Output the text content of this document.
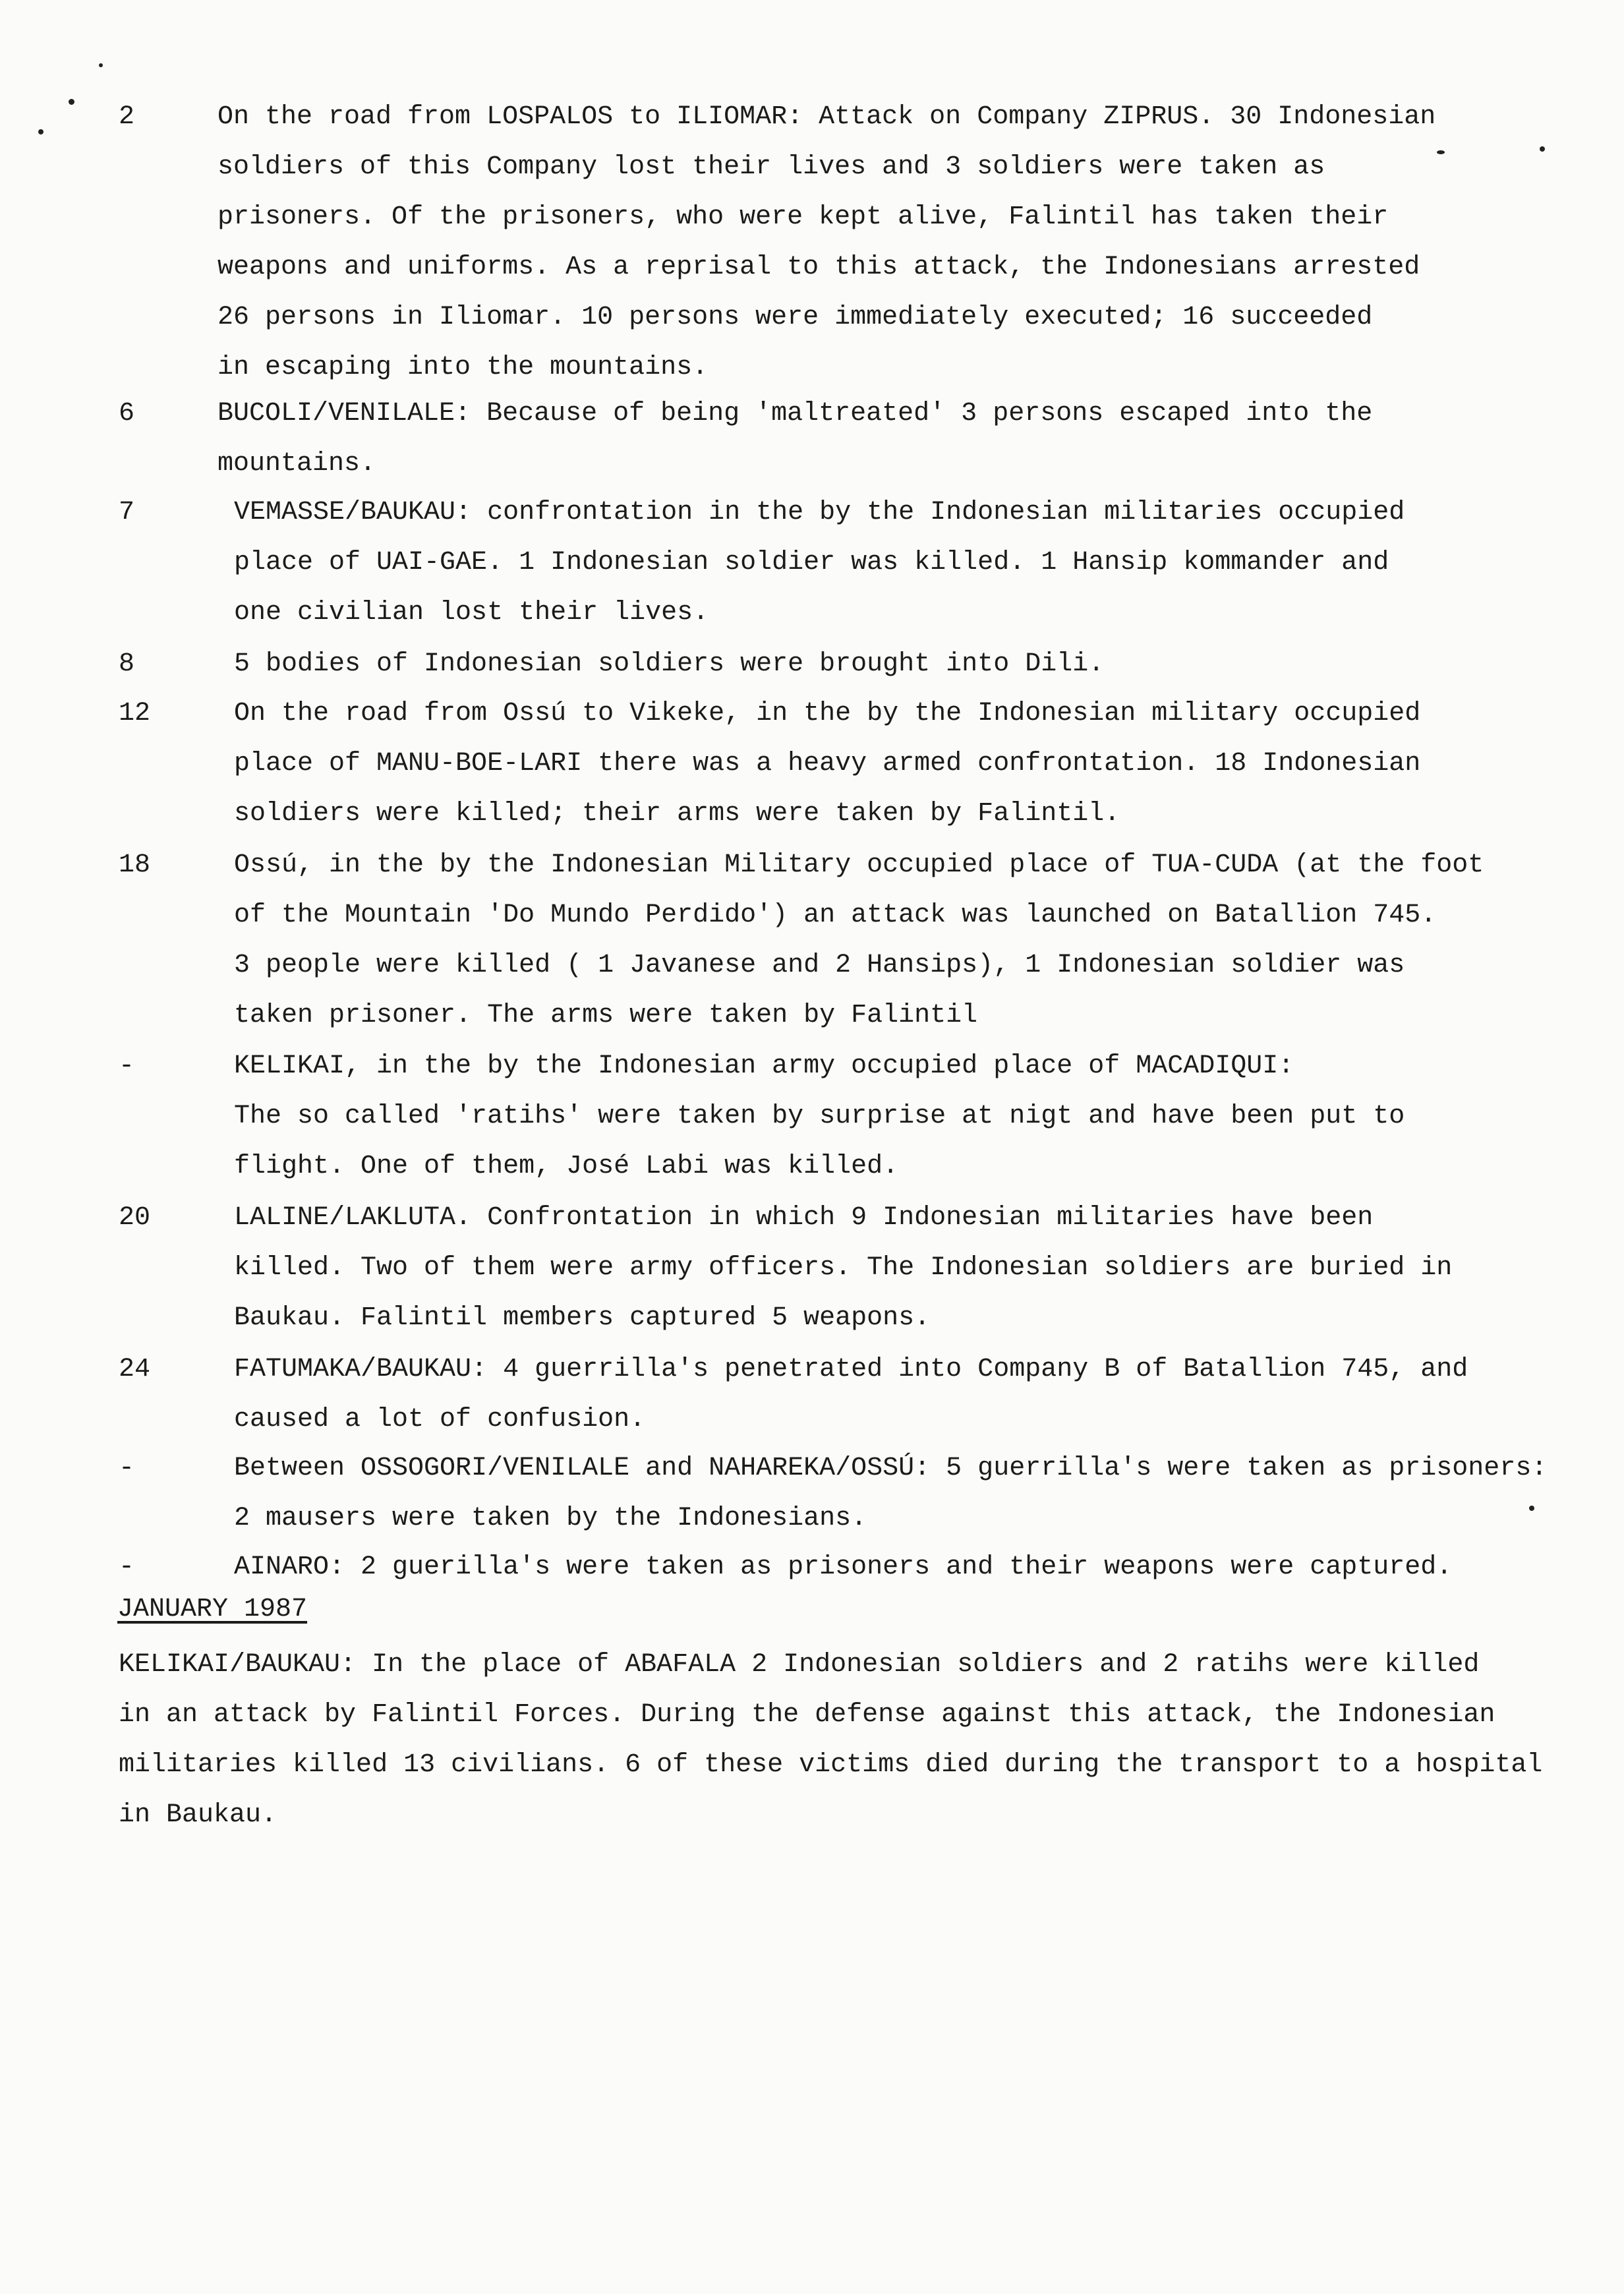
2	On the road from LOSPALOS to ILIOMAR: Attack on Company ZIPRUS. 30 Indonesian
soldiers of this Company lost their lives and 3 soldiers were taken as
prisoners. Of the prisoners, who were kept alive, Falintil has taken their
weapons and uniforms. As a reprisal to this attack, the Indonesians arrested
26 persons in Iliomar. 10 persons were immediately executed; 16 succeeded
in escaping into the mountains.
6	BUCOLI/VENILALE: Because of being 'maltreated' 3 persons escaped into the
mountains.
7	VEMASSE/BAUKAU: confrontation in the by the Indonesian militaries occupied
place of UAI-GAE. 1 Indonesian soldier was killed. 1 Hansip kommander and
one civilian lost their lives.
8	5 bodies of Indonesian soldiers were brought into Dili.
12	On the road from Ossú to Vikeke, in the by the Indonesian military occupied
place of MANU-BOE-LARI there was a heavy armed confrontation. 18 Indonesian
soldiers were killed; their arms were taken by Falintil.
18	Ossú, in the by the Indonesian Military occupied place of TUA-CUDA (at the foot
of the Mountain 'Do Mundo Perdido') an attack was launched on Batallion 745.
3 people were killed ( 1 Javanese and 2 Hansips), 1 Indonesian soldier was
taken prisoner. The arms were taken by Falintil
-	KELIKAI, in the by the Indonesian army occupied place of MACADIQUI:
The so called 'ratihs' were taken by surprise at nigt and have been put to
flight. One of them, José Labi was killed.
20	LALINE/LAKLUTA. Confrontation in which 9 Indonesian militaries have been
killed. Two of them were army officers. The Indonesian soldiers are buried in
Baukau. Falintil members captured 5 weapons.
24	FATUMAKA/BAUKAU: 4 guerrilla's penetrated into Company B of Batallion 745, and
caused a lot of confusion.
-	Between OSSOGORI/VENILALE and NAHAREKA/OSSÚ: 5 guerrilla's were taken as prisoners:
2 mausers were taken by the Indonesians.
-	AINARO: 2 guerilla's were taken as prisoners and their weapons were captured.
JANUARY 1987
KELIKAI/BAUKAU: In the place of ABAFALA 2 Indonesian soldiers and 2 ratihs were killed
in an attack by Falintil Forces. During the defense against this attack, the Indonesian
militaries killed 13 civilians. 6 of these victims died during the transport to a hospital
in Baukau.
